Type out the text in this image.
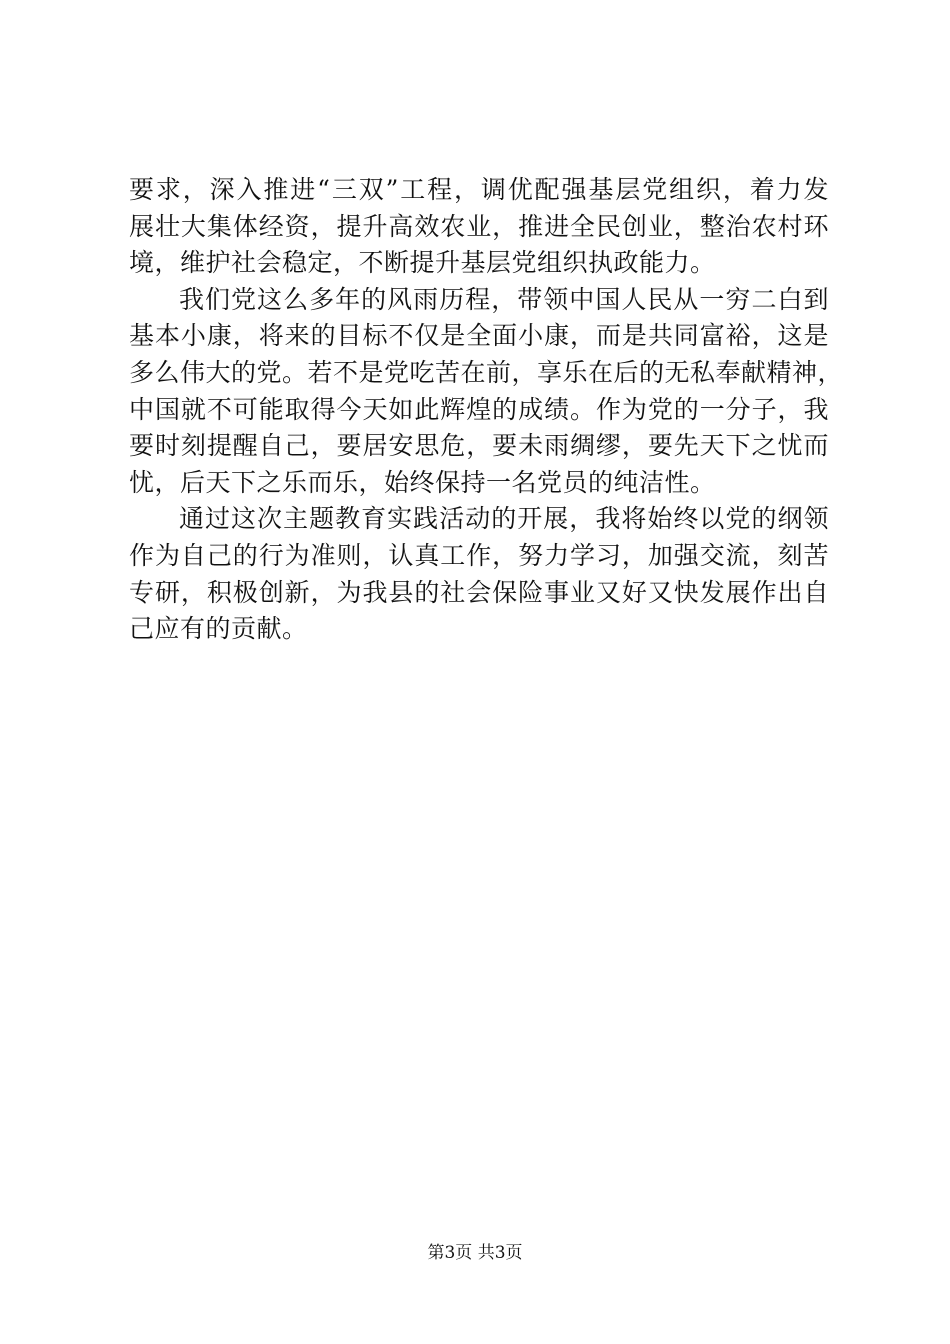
要求，深入推进“三双”工程，调优配强基层党组织，着力发
展壮大集体经资，提升高效农业，推进全民创业，整治农村环
境，维护社会稳定，不断提升基层党组织执政能力。
我们党这么多年的风雨历程，带领中国人民从一穷二白到
基本小康，将来的目标不仅是全面小康，而是共同富裕，这是
多么伟大的党。若不是党吃苦在前，享乐在后的无私奉献精神，
中国就不可能取得今天如此辉煌的成绩。作为党的一分子，我
要时刻提醒自己，要居安思危，要未雨绸缪，要先天下之忧而
忧，后天下之乐而乐，始终保持一名党员的纯洁性。
通过这次主题教育实践活动的开展，我将始终以党的纲领
作为自己的行为准则，认真工作，努力学习，加强交流，刻苦
专研，积极创新，为我县的社会保险事业又好又快发展作出自
己应有的贡献。
第3页 共3页
